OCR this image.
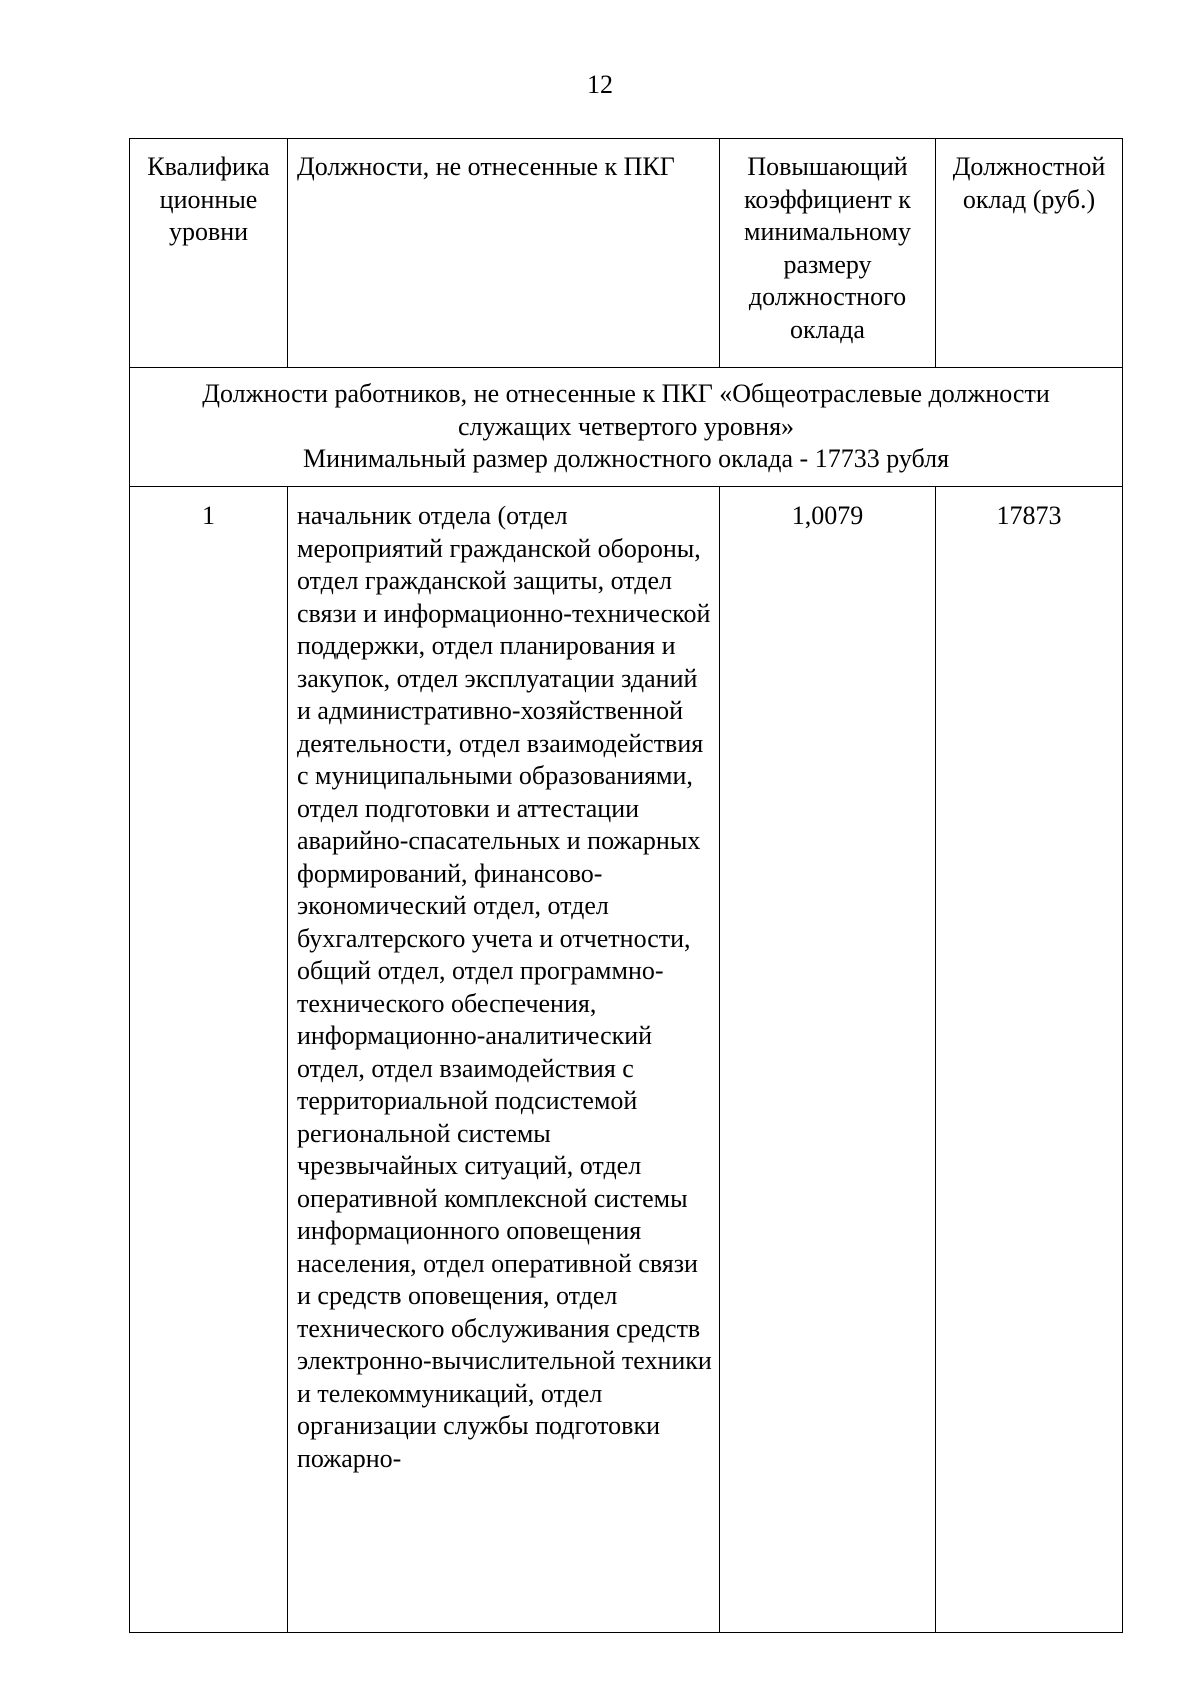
12
Квалифика ционные уровни	Должности, не отнесенные к ПКГ	Повышающий коэффициент к минимальному размеру должностного оклада	Должностной оклад (руб.)

Должности работников, не отнесенные к ПКГ «Общеотраслевые должности
служащих четвертого уровня»
Минимальный размер должностного оклада - 17733 рубля			

1	начальник отдела (отдел мероприятий гражданской обороны, отдел гражданской защиты, отдел связи и информационно-технической поддержки, отдел планирования и закупок, отдел эксплуатации зданий и административно-хозяйственной деятельности, отдел взаимодействия с муниципальными образованиями, отдел подготовки и аттестации аварийно-спасательных и пожарных формирований, финансово-экономический отдел, отдел бухгалтерского учета и отчетности, общий отдел, отдел программно-технического обеспечения, информационно-аналитический отдел, отдел взаимодействия с территориальной подсистемой региональной системы чрезвычайных ситуаций, отдел оперативной комплексной системы информационного оповещения населения, отдел оперативной связи и средств оповещения, отдел технического обслуживания средств электронно-вычислительной техники и телекоммуникаций, отдел организации службы подготовки пожарно-	1,0079	17873
